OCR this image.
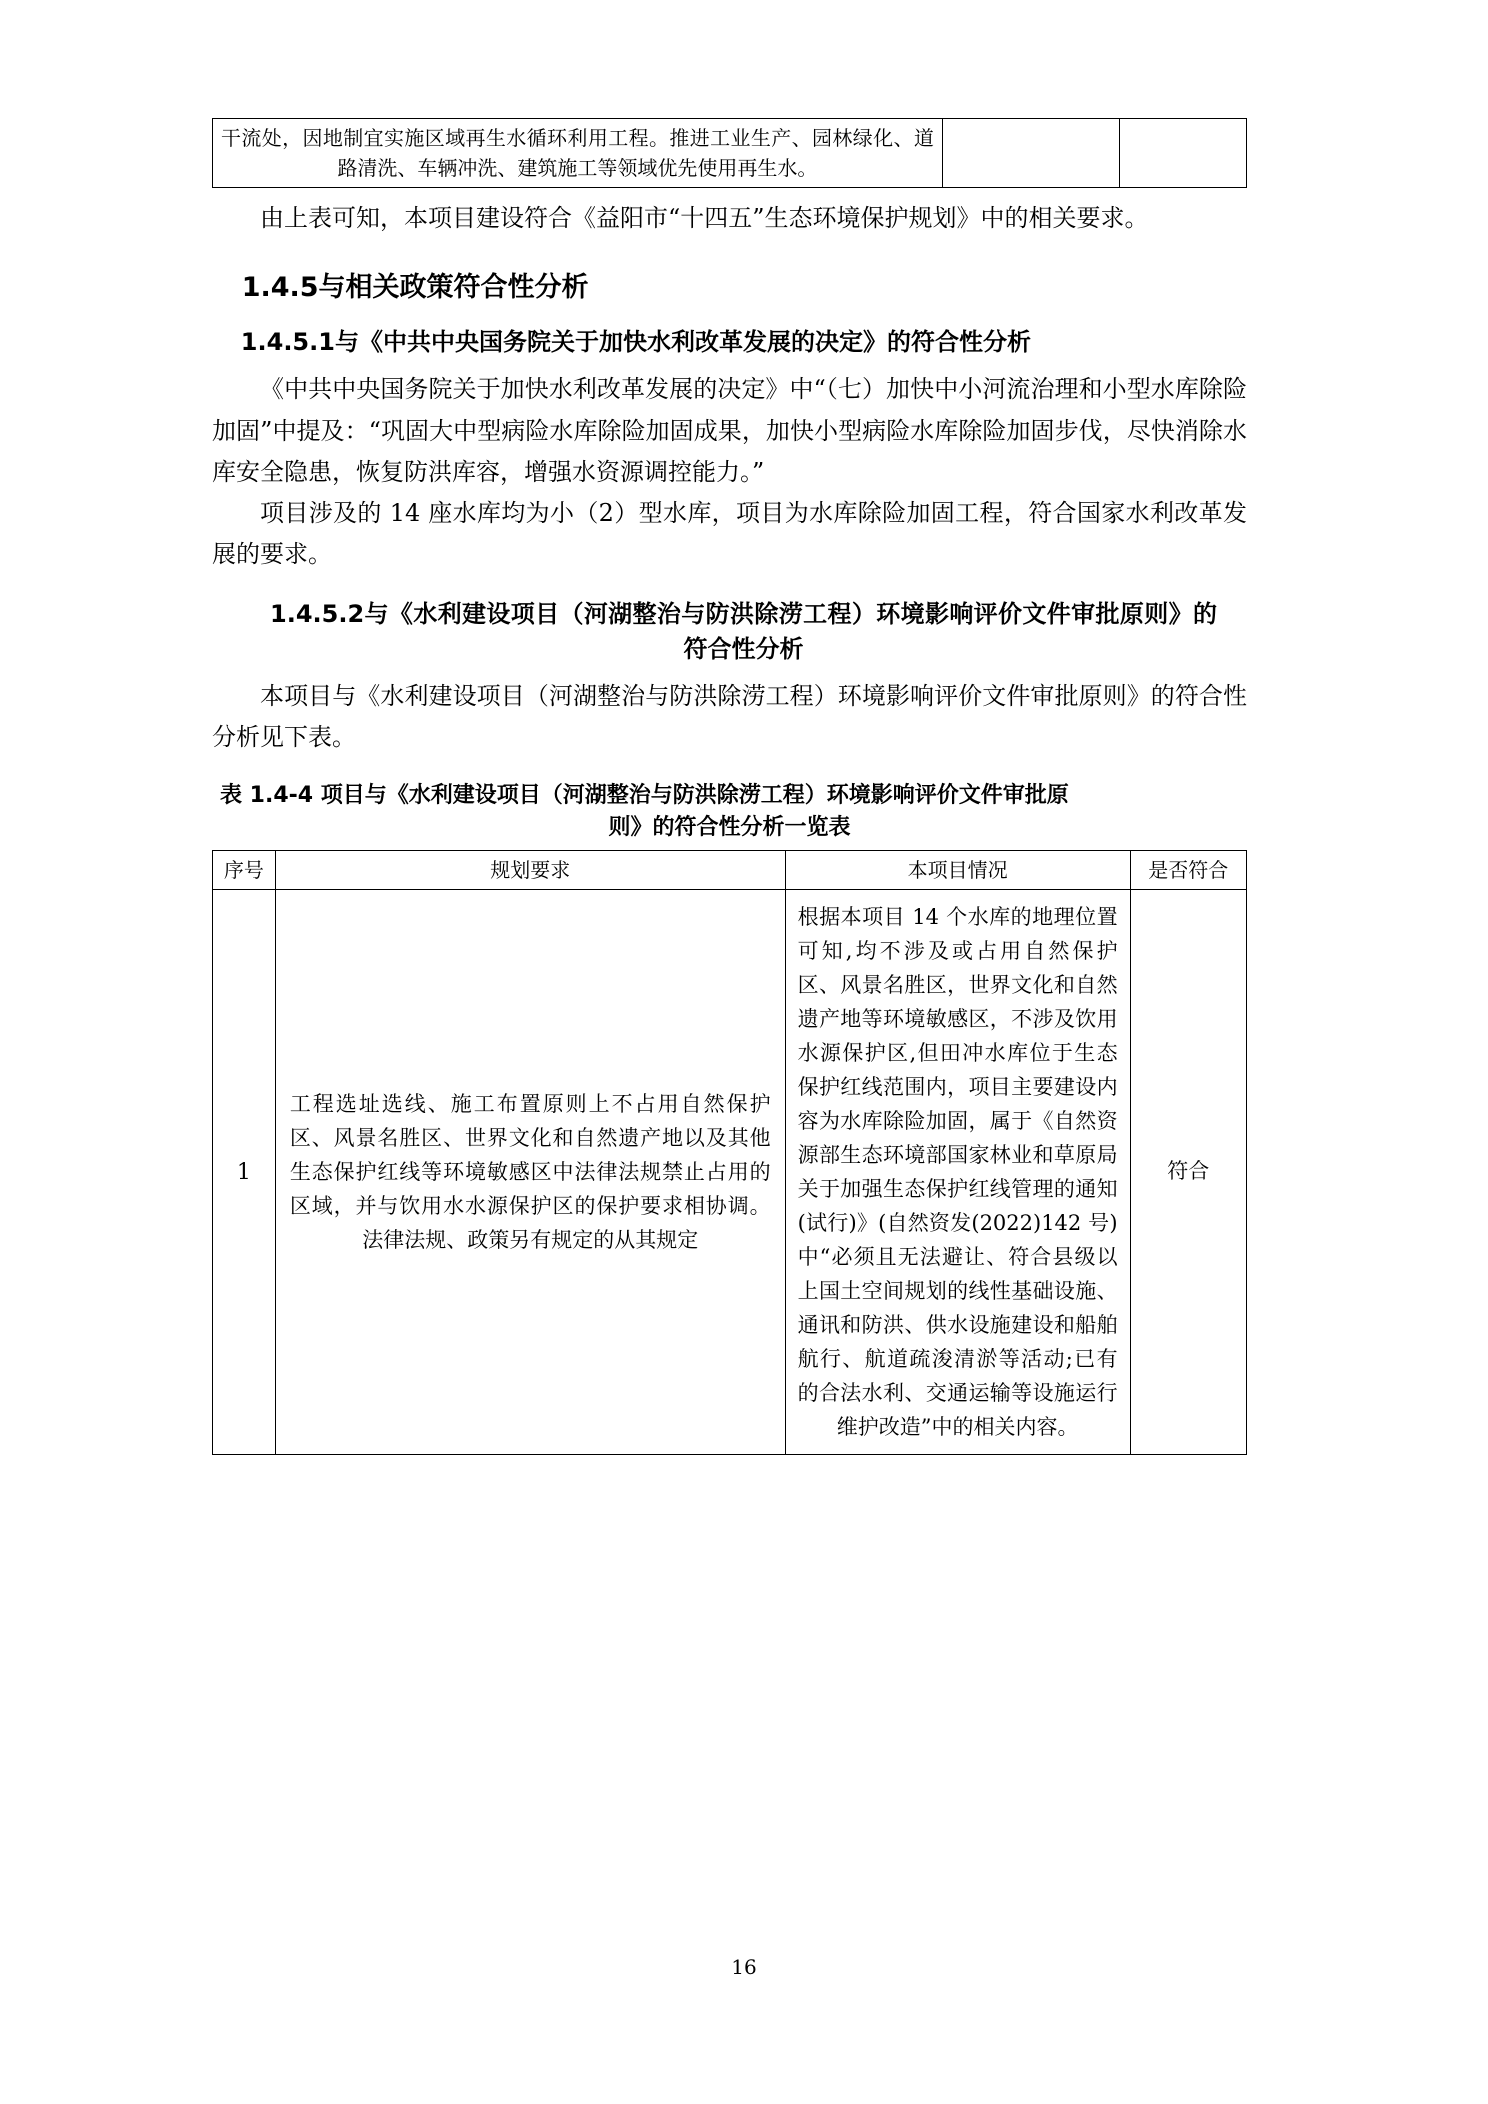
干流处，因地制宜实施区域再生水循环利用工程。推进工业生产、园林绿化、道路清洗、车辆冲洗、建筑施工等领域优先使用再生水。		

由上表可知，本项目建设符合《益阳市“十四五”生态环境保护规划》中的相关要求。

1.4.5与相关政策符合性分析
1.4.5.1与《中共中央国务院关于加快水利改革发展的决定》的符合性分析

《中共中央国务院关于加快水利改革发展的决定》中“（七）加快中小河流治理和小型水库除险加固”中提及：“巩固大中型病险水库除险加固成果，加快小型病险水库除险加固步伐，尽快消除水库安全隐患，恢复防洪库容，增强水资源调控能力。”

项目涉及的 14 座水库均为小（2）型水库，项目为水库除险加固工程，符合国家水利改革发展的要求。

1.4.5.2与《水利建设项目（河湖整治与防洪除涝工程）环境影响评价文件审批原则》的符合性分析

本项目与《水利建设项目（河湖整治与防洪除涝工程）环境影响评价文件审批原则》的符合性分析见下表。

表 1.4-4 项目与《水利建设项目（河湖整治与防洪除涝工程）环境影响评价文件审批原
则》的符合性分析一览表
序号	规划要求	本项目情况	是否符合
1	工程选址选线、施工布置原则上不占用自然保护区、风景名胜区、世界文化和自然遗产地以及其他生态保护红线等环境敏感区中法律法规禁止占用的区域，并与饮用水水源保护区的保护要求相协调。法律法规、政策另有规定的从其规定	根据本项目 14 个水库的地理位置可知,均不涉及或占用自然保护区、风景名胜区，世界文化和自然遗产地等环境敏感区，不涉及饮用水源保护区,但田冲水库位于生态保护红线范围内，项目主要建设内容为水库除险加固，属于《自然资源部生态环境部国家林业和草原局关于加强生态保护红线管理的通知(试行)》(自然资发(2022)142 号)中“必须且无法避让、符合县级以上国土空间规划的线性基础设施、通讯和防洪、供水设施建设和船舶航行、航道疏浚清淤等活动;已有的合法水利、交通运输等设施运行维护改造”中的相关内容。	符合
16
